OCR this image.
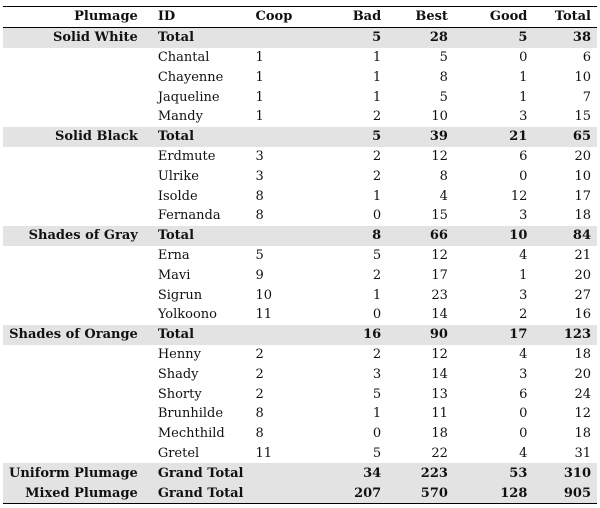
Plumage	ID	Coop	Bad	Best	Good	Total
Solid White	Total		5	28	5	38
	Chantal	1	1	5	0	6
	Chayenne	1	1	8	1	10
	Jaqueline	1	1	5	1	7
	Mandy	1	2	10	3	15
Solid Black	Total		5	39	21	65
	Erdmute	3	2	12	6	20
	Ulrike	3	2	8	0	10
	Isolde	8	1	4	12	17
	Fernanda	8	0	15	3	18
Shades of Gray	Total		8	66	10	84
	Erna	5	5	12	4	21
	Mavi	9	2	17	1	20
	Sigrun	10	1	23	3	27
	Yolkoono	11	0	14	2	16
Shades of Orange	Total		16	90	17	123
	Henny	2	2	12	4	18
	Shady	2	3	14	3	20
	Shorty	2	5	13	6	24
	Brunhilde	8	1	11	0	12
	Mechthild	8	0	18	0	18
	Gretel	11	5	22	4	31
Uniform Plumage	Grand Total		34	223	53	310
Mixed Plumage	Grand Total		207	570	128	905
